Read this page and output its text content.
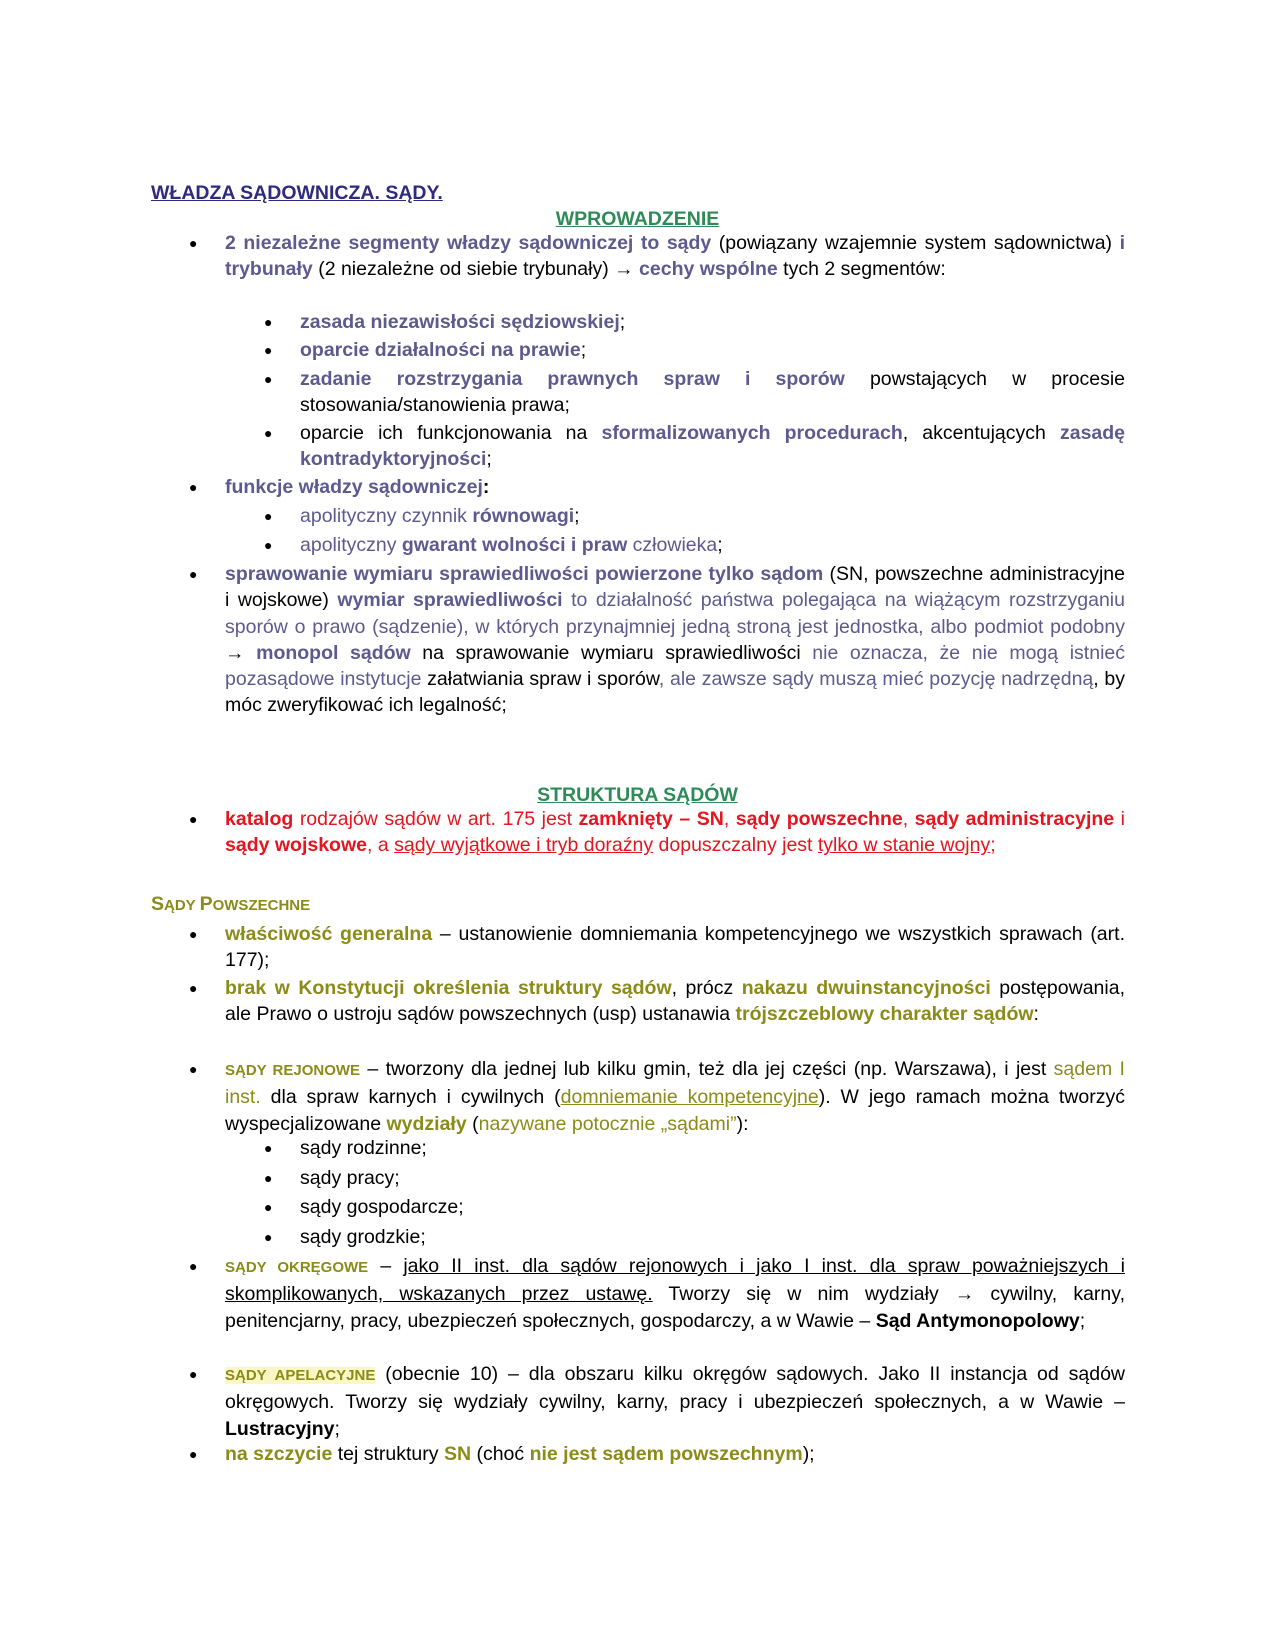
WŁADZA SĄDOWNICZA. SĄDY.
WPROWADZENIE
● 2 niezależne segmenty władzy sądowniczej to sądy (powiązany wzajemnie system sądownictwa) i trybunały (2 niezależne od siebie trybunały) → cechy wspólne tych 2 segmentów:
● zasada niezawisłości sędziowskiej;
● oparcie działalności na prawie;
● zadanie rozstrzygania prawnych spraw i sporów powstających w procesie stosowania/stanowienia prawa;
● oparcie ich funkcjonowania na sformalizowanych procedurach, akcentujących zasadę kontradyktoryjności;
● funkcje władzy sądowniczej:
● apolityczny czynnik równowagi;
● apolityczny gwarant wolności i praw człowieka;
● sprawowanie wymiaru sprawiedliwości powierzone tylko sądom (SN, powszechne administracyjne i wojskowe) wymiar sprawiedliwości to działalność państwa polegająca na wiążącym rozstrzyganiu sporów o prawo (sądzenie), w których przynajmniej jedną stroną jest jednostka, albo podmiot podobny → monopol sądów na sprawowanie wymiaru sprawiedliwości nie oznacza, że nie mogą istnieć pozasądowe instytucje załatwiania spraw i sporów, ale zawsze sądy muszą mieć pozycję nadrzędną, by móc zweryfikować ich legalność;
STRUKTURA SĄDÓW
● katalog rodzajów sądów w art. 175 jest zamknięty – SN, sądy powszechne, sądy administracyjne i sądy wojskowe, a sądy wyjątkowe i tryb doraźny dopuszczalny jest tylko w stanie wojny;
SĄDY POWSZECHNE
● właściwość generalna – ustanowienie domniemania kompetencyjnego we wszystkich sprawach (art. 177);
● brak w Konstytucji określenia struktury sądów, prócz nakazu dwuinstancyjności postępowania, ale Prawo o ustroju sądów powszechnych (usp) ustanawia trójszczeblowy charakter sądów:
● SĄDY REJONOWE – tworzony dla jednej lub kilku gmin, też dla jej części (np. Warszawa), i jest sądem I inst. dla spraw karnych i cywilnych (domniemanie kompetencyjne). W jego ramach można tworzyć wyspecjalizowane wydziały (nazywane potocznie „sądami”):
● sądy rodzinne;
● sądy pracy;
● sądy gospodarcze;
● sądy grodzkie;
● SĄDY OKRĘGOWE – jako II inst. dla sądów rejonowych i jako I inst. dla spraw poważniejszych i skomplikowanych, wskazanych przez ustawę. Tworzy się w nim wydziały → cywilny, karny, penitencjarny, pracy, ubezpieczeń społecznych, gospodarczy, a w Wawie – Sąd Antymonopolowy;
● SĄDY APELACYJNE (obecnie 10) – dla obszaru kilku okręgów sądowych. Jako II instancja od sądów okręgowych. Tworzy się wydziały cywilny, karny, pracy i ubezpieczeń społecznych, a w Wawie – Lustracyjny;
● na szczycie tej struktury SN (choć nie jest sądem powszechnym);
